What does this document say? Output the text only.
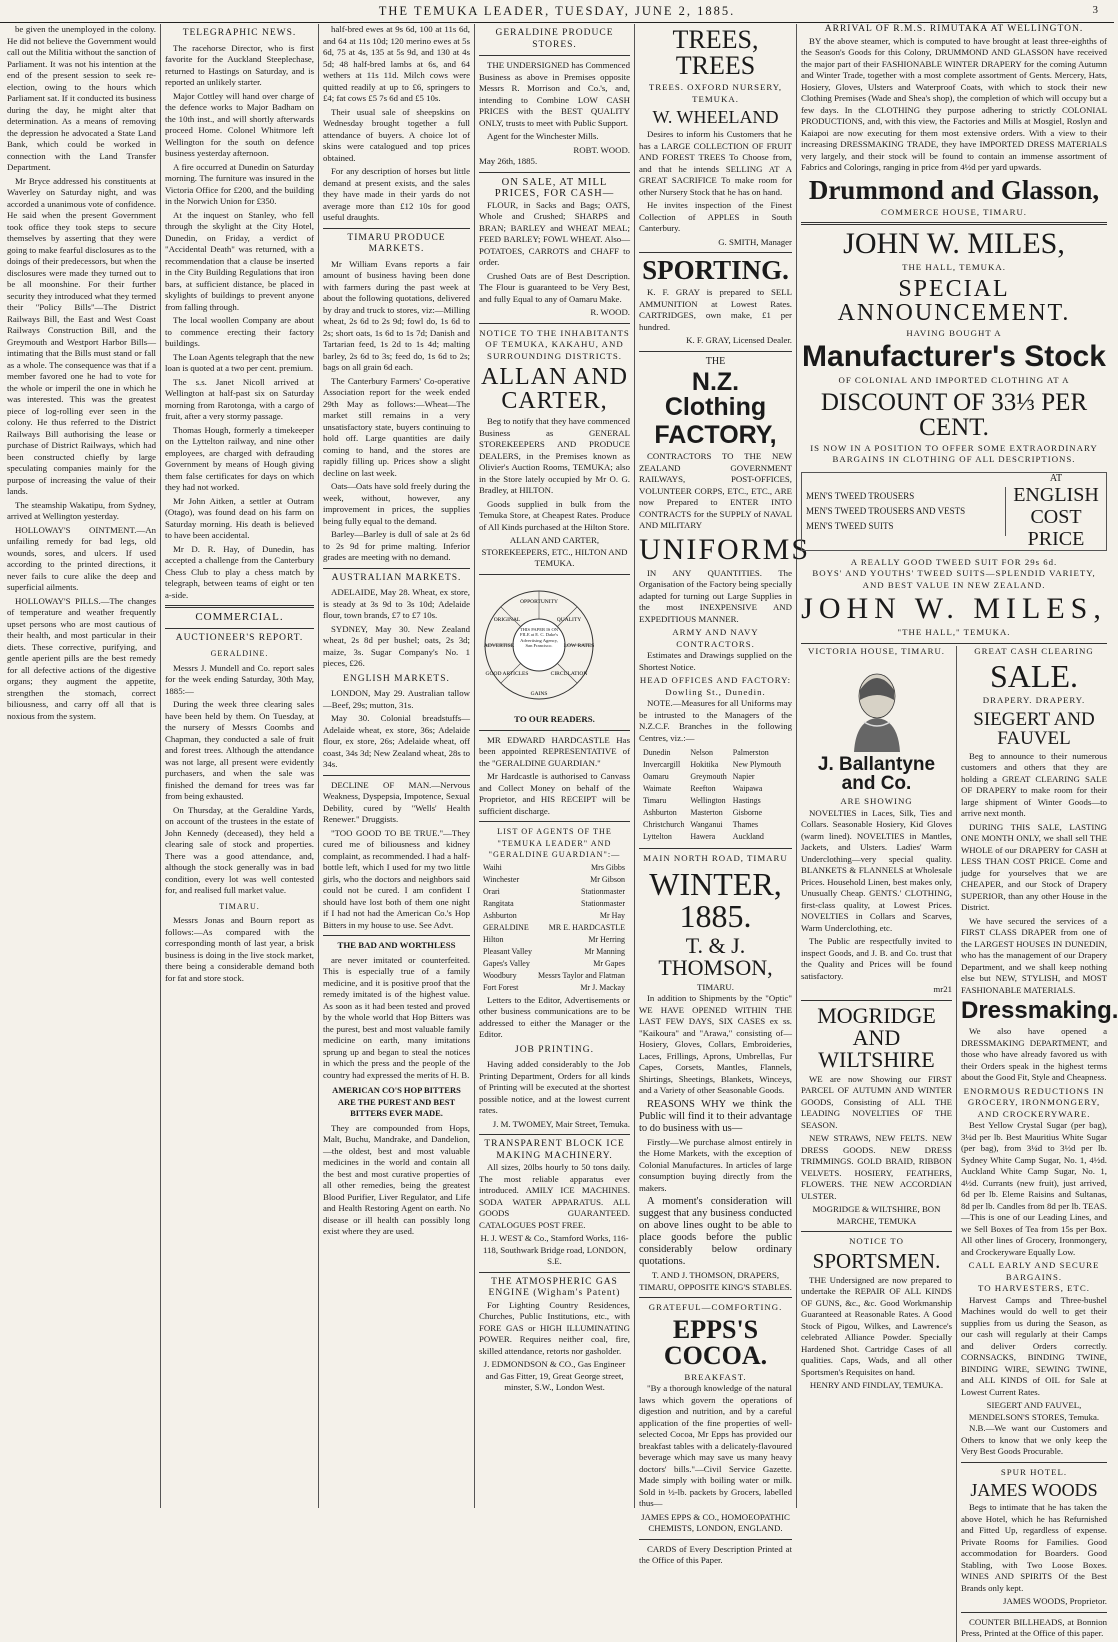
THE TEMUKA LEADER, TUESDAY, JUNE 2, 1885.	3

be given the unemployed in the colony. He did not believe the Government would call out the Militia without the sanction of Parliament. It was not his intention at the end of the present session to seek re-election, owing to the hours which Parliament sat. If it conducted its business during the day, he might alter that determination. As a means of removing the depression he advocated a State Land Bank, which could be worked in connection with the Land Transfer Department.

Mr Bryce addressed his constituents at Waverley on Saturday night, and was accorded a unanimous vote of confidence. He said when the present Government took office they took steps to secure themselves by asserting that they were going to make fearful disclosures as to the doings of their predecessors, but when the disclosures were made they turned out to be all moonshine. For their further security they introduced what they termed their "Policy Bills"—The District Railways Bill, the East and West Coast Railways Construction Bill, and the Greymouth and Westport Harbor Bills—intimating that the Bills must stand or fall as a whole. The consequence was that if a member favored one he had to vote for the whole or imperil the one in which he was interested. This was the greatest piece of log-rolling ever seen in the colony. He thus referred to the District Railways Bill authorising the lease or purchase of District Railways, which had been constructed chiefly by large speculating companies mainly for the purpose of increasing the value of their lands.

The steamship Wakatipu, from Sydney, arrived at Wellington yesterday.

HOLLOWAY'S OINTMENT.—An unfailing remedy for bad legs, old wounds, sores, and ulcers. If used according to the printed directions, it never fails to cure alike the deep and superficial ailments.

HOLLOWAY'S PILLS.—The changes of temperature and weather frequently upset persons who are most cautious of their health, and most particular in their diets. These corrective, purifying, and gentle aperient pills are the best remedy for all defective actions of the digestive organs; they augment the appetite, strengthen the stomach, correct biliousness, and carry off all that is noxious from the system.

TELEGRAPHIC NEWS.

The racehorse Director, who is first favorite for the Auckland Steeplechase, returned to Hastings on Saturday, and is reported an unlikely starter.

Major Cottley will hand over charge of the defence works to Major Badham on the 10th inst., and will shortly afterwards proceed Home. Colonel Whitmore left Wellington for the south on defence business yesterday afternoon.

A fire occurred at Dunedin on Saturday morning. The furniture was insured in the Victoria Office for £200, and the building in the Norwich Union for £350.

At the inquest on Stanley, who fell through the skylight at the City Hotel, Dunedin, on Friday, a verdict of "Accidental Death" was returned, with a recommendation that a clause be inserted in the City Building Regulations that iron bars, at sufficient distance, be placed in skylights of buildings to prevent anyone from falling through.

The local woollen Company are about to commence erecting their factory buildings.

The Loan Agents telegraph that the new loan is quoted at a two per cent. premium.

The s.s. Janet Nicoll arrived at Wellington at half-past six on Saturday morning from Rarotonga, with a cargo of fruit, after a very stormy passage.

Thomas Hough, formerly a timekeeper on the Lyttelton railway, and nine other employees, are charged with defrauding Government by means of Hough giving them false certificates for days on which they had not worked.

Mr John Aitken, a settler at Outram (Otago), was found dead on his farm on Saturday morning. His death is believed to have been accidental.

Mr D. R. Hay, of Dunedin, has accepted a challenge from the Canterbury Chess Club to play a chess match by telegraph, between teams of eight or ten a-side.

COMMERCIAL.
AUCTIONEER'S REPORT.
GERALDINE.

Messrs J. Mundell and Co. report sales for the week ending Saturday, 30th May, 1885:—

During the week three clearing sales have been held by them. On Tuesday, at the nursery of Messrs Coombs and Chapman, they conducted a sale of fruit and forest trees. Although the attendance was not large, all present were evidently purchasers, and when the sale was finished the demand for trees was far from being exhausted.

On Thursday, at the Geraldine Yards, on account of the trustees in the estate of John Kennedy (deceased), they held a clearing sale of stock and properties. There was a good attendance, and, although the stock generally was in bad condition, every lot was well contested for, and realised full market value.

TIMARU.

Messrs Jonas and Bourn report as follows:—As compared with the corresponding month of last year, a brisk business is doing in the live stock market, there being a considerable demand both for fat and store stock.

half-bred ewes at 9s 6d, 100 at 11s 6d, and 64 at 11s 10d; 120 merino ewes at 5s 6d, 75 at 4s, 135 at 5s 9d, and 130 at 4s 5d; 48 half-bred lambs at 6s, and 64 wethers at 11s 11d. Milch cows were quitted readily at up to £6, springers to £4; fat cows £5 7s 6d and £5 10s.

Their usual sale of sheepskins on Wednesday brought together a full attendance of buyers. A choice lot of skins were catalogued and top prices obtained.

For any description of horses but little demand at present exists, and the sales they have made in their yards do not average more than £12 10s for good useful draughts.

TIMARU PRODUCE MARKETS.

Mr William Evans reports a fair amount of business having been done with farmers during the past week at about the following quotations, delivered by dray and truck to stores, viz:—Milling wheat, 2s 6d to 2s 9d; fowl do, 1s 6d to 2s; short oats, 1s 6d to 1s 7d; Danish and Tartarian feed, 1s 2d to 1s 4d; malting barley, 2s 6d to 3s; feed do, 1s 6d to 2s; bags on all grain 6d each.

The Canterbury Farmers' Co-operative Association report for the week ended 29th May as follows:—Wheat—The market still remains in a very unsatisfactory state, buyers continuing to hold off. Large quantities are daily coming to hand, and the stores are rapidly filling up. Prices show a slight decline on last week.

Oats—Oats have sold freely during the week, without, however, any improvement in prices, the supplies being fully equal to the demand.

Barley—Barley is dull of sale at 2s 6d to 2s 9d for prime malting. Inferior grades are meeting with no demand.

AUSTRALIAN MARKETS.

ADELAIDE, May 28. Wheat, ex store, is steady at 3s 9d to 3s 10d; Adelaide flour, town brands, £7 to £7 10s.

SYDNEY, May 30. New Zealand wheat, 2s 8d per bushel; oats, 2s 3d; maize, 3s. Sugar Company's No. 1 pieces, £26.

ENGLISH MARKETS.

LONDON, May 29. Australian tallow—Beef, 29s; mutton, 31s.

May 30. Colonial breadstuffs—Adelaide wheat, ex store, 36s; Adelaide flour, ex store, 26s; Adelaide wheat, off coast, 34s 3d; New Zealand wheat, 28s to 34s.

DECLINE OF MAN.—Nervous Weakness, Dyspepsia, Impotence, Sexual Debility, cured by "Wells' Health Renewer." Druggists.

"TOO GOOD TO BE TRUE."—They cured me of biliousness and kidney complaint, as recommended. I had a half-bottle left, which I used for my two little girls, who the doctors and neighbors said could not be cured. I am confident I should have lost both of them one night if I had not had the American Co.'s Hop Bitters in my house to use. See Advt.

THE BAD AND WORTHLESS

are never imitated or counterfeited. This is especially true of a family medicine, and it is positive proof that the remedy imitated is of the highest value. As soon as it had been tested and proved by the whole world that Hop Bitters was the purest, best and most valuable family medicine on earth, many imitations sprung up and began to steal the notices in which the press and the people of the country had expressed the merits of H. B.

AMERICAN CO'S HOP BITTERS ARE THE PUREST AND BEST BITTERS EVER MADE.

They are compounded from Hops, Malt, Buchu, Mandrake, and Dandelion,—the oldest, best and most valuable medicines in the world and contain all the best and most curative properties of all other remedies, being the greatest Blood Purifier, Liver Regulator, and Life and Health Restoring Agent on earth. No disease or ill health can possibly long exist where they are used.

GERALDINE PRODUCE STORES.

THE UNDERSIGNED has Commenced Business as above in Premises opposite Messrs R. Morrison and Co.'s, and, intending to Combine LOW CASH PRICES with the BEST QUALITY ONLY, trusts to meet with Public Support.

Agent for the Winchester Mills.

ROBT. WOOD.
May 26th, 1885.
ON SALE, AT MILL PRICES, FOR CASH—

FLOUR, in Sacks and Bags; OATS, Whole and Crushed; SHARPS and BRAN; BARLEY and WHEAT MEAL; FEED BARLEY; FOWL WHEAT. Also—POTATOES, CARROTS and CHAFF to order.

Crushed Oats are of Best Description. The Flour is guaranteed to be Very Best, and fully Equal to any of Oamaru Make.

R. WOOD.
NOTICE TO THE INHABITANTS OF TEMUKA, KAKAHU, AND SURROUNDING DISTRICTS.
ALLAN AND CARTER,

Beg to notify that they have commenced Business as GENERAL STOREKEEPERS AND PRODUCE DEALERS, in the Premises known as Olivier's Auction Rooms, TEMUKA; also in the Store lately occupied by Mr O. G. Bradley, at HILTON.

Goods supplied in bulk from the Temuka Store, at Cheapest Rates. Produce of All Kinds purchased at the Hilton Store.

ALLAN AND CARTER, STOREKEEPERS, ETC., HILTON AND TEMUKA.
OPPORTUNITY
QUALITY
LOW RATES
CIRCULATION
GAINS
GOOD ARTICLES
ADVERTISE
ORIGINAL
THIS PAPER IS ON FILE at E. C. Dake's Advertising Agency, San Francisco.
TO OUR READERS.

MR EDWARD HARDCASTLE Has been appointed REPRESENTATIVE of the "GERALDINE GUARDIAN."

Mr Hardcastle is authorised to Canvass and Collect Money on behalf of the Proprietor, and HIS RECEIPT will be sufficient discharge.

LIST OF AGENTS OF THE "TEMUKA LEADER" AND "GERALDINE GUARDIAN":—
Waihi	Mrs Gibbs
Winchester	Mr Gibson
Orari	Stationmaster
Rangitata	Stationmaster
Ashburton	Mr Hay
GERALDINE	MR E. HARDCASTLE
Hilton	Mr Herring
Pleasant Valley	Mr Manning
Gapes's Valley	Mr Gapes
Woodbury	Messrs Taylor and Flatman
Fort Forest	Mr J. Mackay

Letters to the Editor, Advertisements or other business communications are to be addressed to either the Manager or the Editor.

JOB PRINTING.

Having added considerably to the Job Printing Department, Orders for all kinds of Printing will be executed at the shortest possible notice, and at the lowest current rates.

J. M. TWOMEY, Mair Street, Temuka.
TRANSPARENT BLOCK ICE MAKING MACHINERY.

All sizes, 20lbs hourly to 50 tons daily. The most reliable apparatus ever introduced. AMILY ICE MACHINES. SODA WATER APPARATUS. ALL GOODS GUARANTEED. CATALOGUES POST FREE.

H. J. WEST & Co., Stamford Works, 116-118, Southwark Bridge road, LONDON, S.E.
THE ATMOSPHERIC GAS ENGINE (Wigham's Patent)

For Lighting Country Residences, Churches, Public Institutions, etc., with FORE GAS or HIGH ILLUMINATING POWER. Requires neither coal, fire, skilled attendance, retorts nor gasholder.

J. EDMONDSON & CO., Gas Engineer and Gas Fitter, 19, Great George street, minster, S.W., London West.
TREES, TREES
TREES. OXFORD NURSERY, TEMUKA.
W. WHEELAND

Desires to inform his Customers that he has a LARGE COLLECTION OF FRUIT AND FOREST TREES To Choose from, and that he intends SELLING AT A GREAT SACRIFICE To make room for other Nursery Stock that he has on hand.

He invites inspection of the Finest Collection of APPLES in South Canterbury.

G. SMITH, Manager
SPORTING.

K. F. GRAY is prepared to SELL AMMUNITION at Lowest Rates. CARTRIDGES, own make, £1 per hundred.

K. F. GRAY, Licensed Dealer.
THE
N.Z. Clothing
FACTORY,

CONTRACTORS TO THE NEW ZEALAND GOVERNMENT RAILWAYS, POST-OFFICES, VOLUNTEER CORPS, ETC., ETC., ARE now Prepared to ENTER INTO CONTRACTS for the SUPPLY of NAVAL AND MILITARY

UNIFORMS

IN ANY QUANTITIES. The Organisation of the Factory being specially adapted for turning out Large Supplies in the most INEXPENSIVE AND EXPEDITIOUS MANNER.

ARMY AND NAVY CONTRACTORS.

Estimates and Drawings supplied on the Shortest Notice.

HEAD OFFICES AND FACTORY: Dowling St., Dunedin.

NOTE.—Measures for all Uniforms may be intrusted to the Managers of the N.Z.C.F. Branches in the following Centres, viz.:—

Dunedin	Nelson	Palmerston
Invercargill	Hokitika	New Plymouth
Oamaru	Greymouth	Napier
Waimate	Reefton	Waipawa
Timaru	Wellington	Hastings
Ashburton	Masterton	Gisborne
Christchurch	Wanganui	Thames
Lyttelton	Hawera	Auckland
MAIN NORTH ROAD, TIMARU
WINTER, 1885.
T. & J. THOMSON,
TIMARU.

In addition to Shipments by the "Optic" WE HAVE OPENED WITHIN THE LAST FEW DAYS, SIX CASES ex ss. "Kaikoura" and "Arawa," consisting of—Hosiery, Gloves, Collars, Embroideries, Laces, Frillings, Aprons, Umbrellas, Fur Capes, Corsets, Mantles, Flannels, Shirtings, Sheetings, Blankets, Winceys, and a Variety of other Seasonable Goods.

REASONS WHY we think the Public will find it to their advantage to do business with us—

Firstly—We purchase almost entirely in the Home Markets, with the exception of Colonial Manufactures. In articles of large consumption buying directly from the makers.

A moment's consideration will suggest that any business conducted on above lines ought to be able to place goods before the public considerably below ordinary quotations.

T. AND J. THOMSON, DRAPERS, TIMARU, OPPOSITE KING'S STABLES.
GRATEFUL—COMFORTING.
EPPS'S COCOA.
BREAKFAST.

"By a thorough knowledge of the natural laws which govern the operations of digestion and nutrition, and by a careful application of the fine properties of well-selected Cocoa, Mr Epps has provided our breakfast tables with a delicately-flavoured beverage which may save us many heavy doctors' bills."—Civil Service Gazette. Made simply with boiling water or milk. Sold in ½-lb. packets by Grocers, labelled thus—

JAMES EPPS & CO., HOMOEOPATHIC CHEMISTS, LONDON, ENGLAND.

CARDS of Every Description Printed at the Office of this Paper.

ARRIVAL OF R.M.S. RIMUTAKA AT WELLINGTON.

BY the above steamer, which is computed to have brought at least three-eighths of the Season's Goods for this Colony, DRUMMOND AND GLASSON have received the major part of their FASHIONABLE WINTER DRAPERY for the coming Autumn and Winter Trade, together with a most complete assortment of Gents. Mercery, Hats, Hosiery, Gloves, Ulsters and Waterproof Coats, with which to stock their new Clothing Premises (Wade and Shea's shop), the completion of which will occupy but a few days. In the CLOTHING they purpose adhering to strictly COLONIAL PRODUCTIONS, and, with this view, the Factories and Mills at Mosgiel, Roslyn and Kaiapoi are now executing for them most extensive orders. With a view to their increasing DRESSMAKING TRADE, they have IMPORTED DRESS MATERIALS very largely, and their stock will be found to contain an immense assortment of Fabrics and Colorings, ranging in price from 4½d per yard upwards.

Drummond and Glasson,
COMMERCE HOUSE, TIMARU.
JOHN W. MILES,
THE HALL, TEMUKA.
SPECIAL ANNOUNCEMENT.
HAVING BOUGHT A
Manufacturer's Stock
OF COLONIAL AND IMPORTED CLOTHING AT A
DISCOUNT OF 33⅓ PER CENT.
IS NOW IN A POSITION TO OFFER SOME EXTRAORDINARY BARGAINS IN CLOTHING OF ALL DESCRIPTIONS.
MEN'S TWEED TROUSERS
MEN'S TWEED TROUSERS AND VESTS
MEN'S TWEED SUITS
AT
ENGLISH
COST PRICE
A REALLY GOOD TWEED SUIT FOR 29s 6d.
BOYS' AND YOUTHS' TWEED SUITS—SPLENDID VARIETY, AND BEST VALUE IN NEW ZEALAND.
JOHN W. MILES,
"THE HALL," TEMUKA.
VICTORIA HOUSE, TIMARU.
J. Ballantyne and Co.
ARE SHOWING

NOVELTIES in Laces, Silk, Ties and Collars. Seasonable Hosiery, Kid Gloves (warm lined). NOVELTIES in Mantles, Jackets, and Ulsters. Ladies' Warm Underclothing—very special quality. BLANKETS & FLANNELS at Wholesale Prices. Household Linen, best makes only, Unusually Cheap. GENTS.' CLOTHING, first-class quality, at Lowest Prices. NOVELTIES in Collars and Scarves, Warm Underclothing, etc.

The Public are respectfully invited to inspect Goods, and J. B. and Co. trust that the Quality and Prices will be found satisfactory.

mr21
MOGRIDGE AND WILTSHIRE

WE are now Showing our FIRST PARCEL OF AUTUMN AND WINTER GOODS, Consisting of ALL THE LEADING NOVELTIES OF THE SEASON.

NEW STRAWS, NEW FELTS. NEW DRESS GOODS. NEW DRESS TRIMMINGS. GOLD BRAID, RIBBON VELVETS. HOSIERY, FEATHERS, FLOWERS. THE NEW ACCORDIAN ULSTER.

MOGRIDGE & WILTSHIRE, BON MARCHE, TEMUKA
NOTICE TO
SPORTSMEN.

THE Undersigned are now prepared to undertake the REPAIR OF ALL KINDS OF GUNS, &c., &c. Good Workmanship Guaranteed at Reasonable Rates. A Good Stock of Pigou, Wilkes, and Lawrence's celebrated Alliance Powder. Specially Hardened Shot. Cartridge Cases of all qualities. Caps, Wads, and all other Sportsmen's Requisites on hand.

HENRY AND FINDLAY, TEMUKA.
GREAT CASH CLEARING
SALE.
DRAPERY. DRAPERY.
SIEGERT AND FAUVEL

Beg to announce to their numerous customers and others that they are holding a GREAT CLEARING SALE OF DRAPERY to make room for their large shipment of Winter Goods—to arrive next month.

DURING THIS SALE, LASTING ONE MONTH ONLY, we shall sell THE WHOLE of our DRAPERY for CASH at LESS THAN COST PRICE. Come and judge for yourselves that we are CHEAPER, and our Stock of Drapery SUPERIOR, than any other House in the District.

We have secured the services of a FIRST CLASS DRAPER from one of the LARGEST HOUSES IN DUNEDIN, who has the management of our Drapery Department, and we shall keep nothing else but NEW, STYLISH, and MOST FASHIONABLE MATERIALS.

Dressmaking.

We also have opened a DRESSMAKING DEPARTMENT, and those who have already favored us with their Orders speak in the highest terms about the Good Fit, Style and Cheapness.

ENORMOUS REDUCTIONS IN GROCERY, IRONMONGERY, AND CROCKERYWARE.

Best Yellow Crystal Sugar (per bag), 3¼d per lb. Best Mauritius White Sugar (per bag), from 3¼d to 3½d per lb. Sydney White Camp Sugar, No. 1, 4½d. Auckland White Camp Sugar, No. 1, 4½d. Currants (new fruit), just arrived, 6d per lb. Eleme Raisins and Sultanas, 8d per lb. Candles from 8d per lb. TEAS.—This is one of our Leading Lines, and we Sell Boxes of Tea from 15s per Box. All other lines of Grocery, Ironmongery, and Crockeryware Equally Low.

CALL EARLY AND SECURE BARGAINS.
TO HARVESTERS, ETC.

Harvest Camps and Three-bushel Machines would do well to get their supplies from us during the Season, as our cash will regularly at their Camps and deliver Orders correctly. CORNSACKS, BINDING TWINE, BINDING WIRE, SEWING TWINE, and ALL KINDS of OIL for Sale at Lowest Current Rates.

SIEGERT AND FAUVEL, MENDELSON'S STORES, Temuka.

N.B.—We want our Customers and Others to know that we only keep the Very Best Goods Procurable.

SPUR HOTEL.
JAMES WOODS

Begs to intimate that he has taken the above Hotel, which he has Refurnished and Fitted Up, regardless of expense. Private Rooms for Families. Good accommodation for Boarders. Good Stabling, with Two Loose Boxes. WINES AND SPIRITS Of the Best Brands only kept.

JAMES WOODS, Proprietor.

COUNTER BILLHEADS, at Bonnion Press, Printed at the Office of this paper.
